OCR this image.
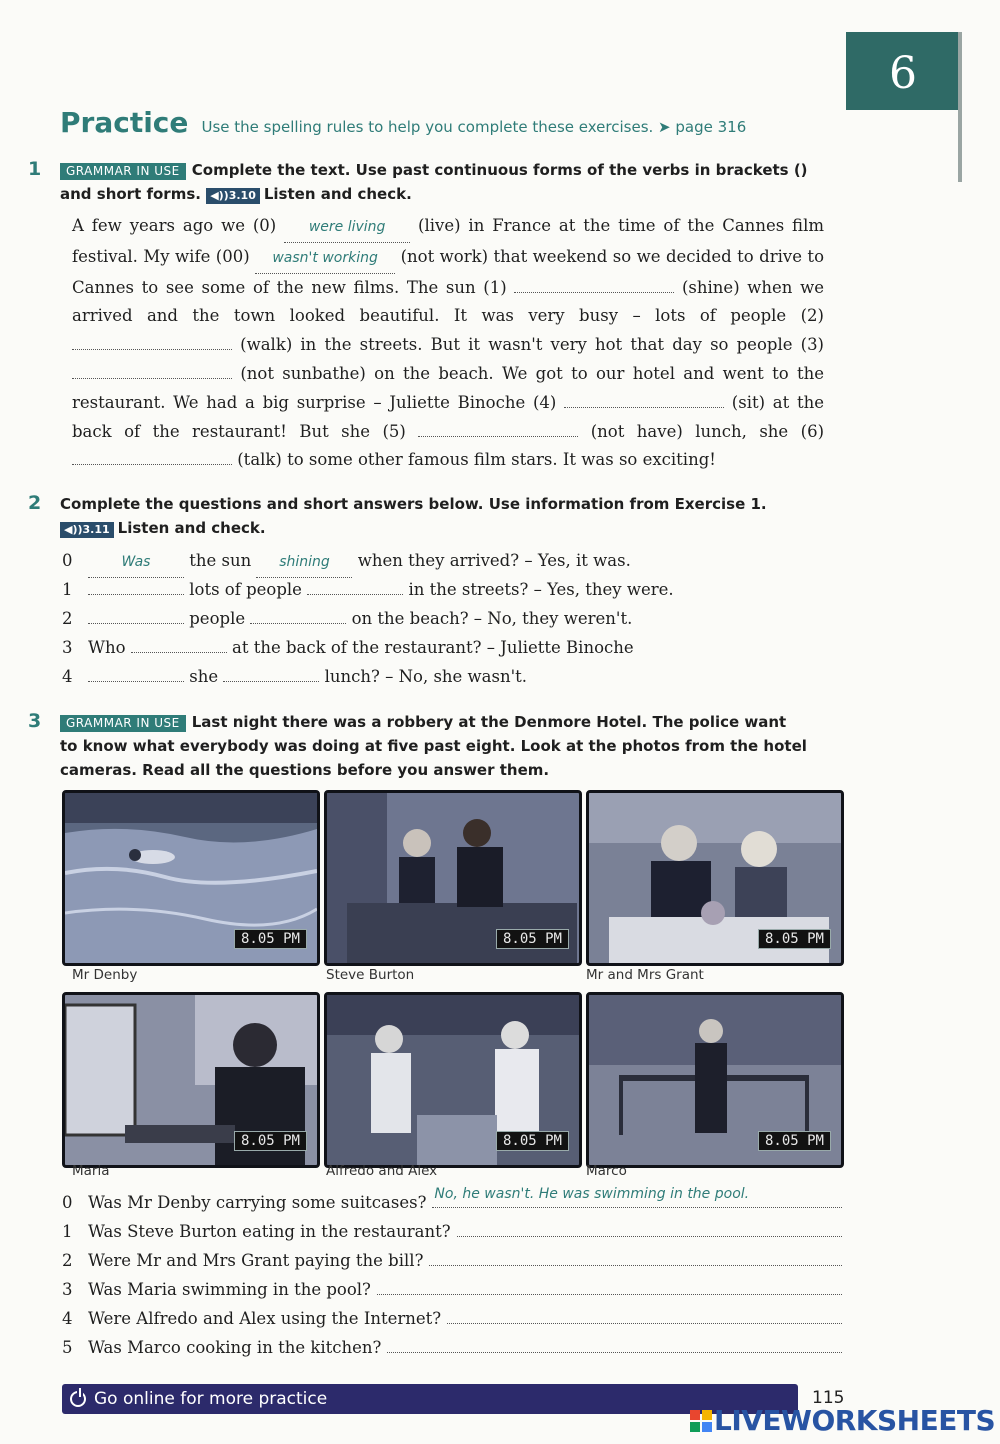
6
Practice Use the spelling rules to help you complete these exercises. ➤ page 316
1	GRAMMAR IN USE Complete the text. Use past continuous forms of the verbs in brackets ()
and short forms. ◀))3.10 Listen and check.
A few years ago we (0) were living (live) in France at the time of the Cannes film festival. My wife (00) wasn't working (not work) that weekend so we decided to drive to Cannes to see some of the new films. The sun (1)	(shine) when we arrived and the town looked beautiful. It was very busy – lots of people (2)  (walk) in the streets. But it wasn't very hot that day so people (3)  (not sunbathe) on the beach. We got to our hotel and went to the restaurant. We had a big surprise – Juliette Binoche (4)	(sit) at the back of the restaurant! But she (5)	(not have) lunch, she (6)  (talk) to some other famous film stars. It was so exciting!
2 Complete the questions and short answers below. Use information from Exercise 1.
◀))3.11 Listen and check.
0	Was the sun shining when they arrived? – Yes, it was.
1	lots of people	in the streets? – Yes, they were.
2	people	on the beach? – No, they weren't.
3 Who	at the back of the restaurant? – Juliette Binoche
4	she	lunch? – No, she wasn't.
3	GRAMMAR IN USE Last night there was a robbery at the Denmore Hotel. The police want
to know what everybody was doing at five past eight. Look at the photos from the hotel
cameras. Read all the questions before you answer them.
8.05 PM	8.05 PM	8.05 PM
8.05 PM	8.05 PM	8.05 PM
Mr Denby	Steve Burton	Mr and Mrs Grant
Maria	Alfredo and Alex	Marco
0 Was Mr Denby carrying some suitcases? No, he wasn't. He was swimming in the pool.
1 Was Steve Burton eating in the restaurant?
2 Were Mr and Mrs Grant paying the bill?
3 Was Maria swimming in the pool?
4 Were Alfredo and Alex using the Internet?
5 Was Marco cooking in the kitchen?
Go online for more practice	115
LIVEWORKSHEETS
